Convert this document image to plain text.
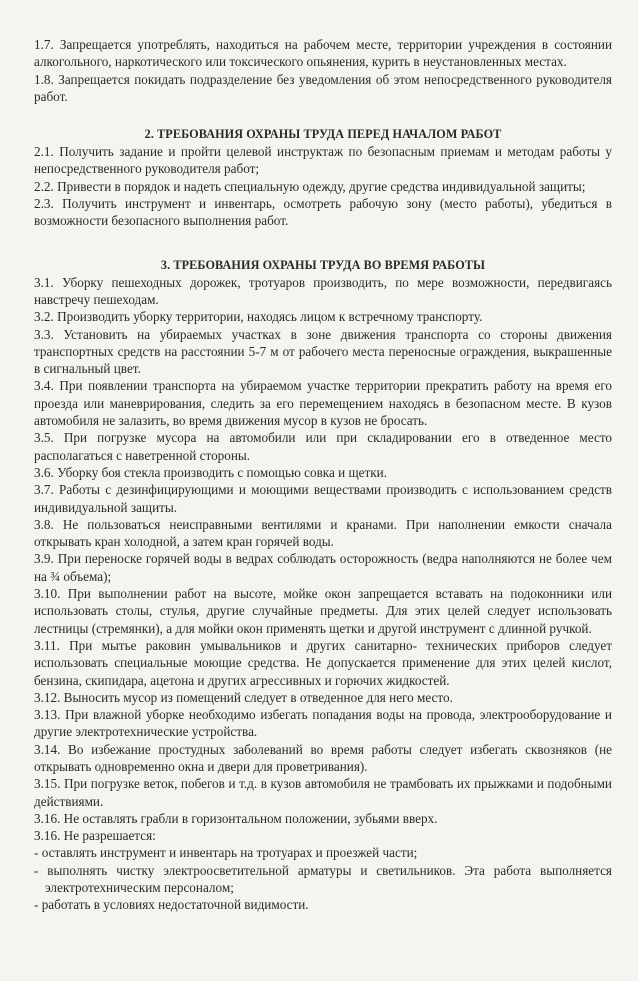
1.7. Запрещается употреблять, находиться на рабочем месте, территории учреждения в состоянии алкогольного, наркотического или токсического опьянения, курить в неустановленных местах.

1.8. Запрещается покидать подразделение без уведомления об этом непосредственного руководителя работ.

2. ТРЕБОВАНИЯ ОХРАНЫ ТРУДА ПЕРЕД НАЧАЛОМ РАБОТ

2.1. Получить задание и пройти целевой инструктаж по безопасным приемам и методам работы у непосредственного руководителя работ;

2.2. Привести в порядок и надеть специальную одежду, другие средства индивидуальной защиты;

2.3. Получить инструмент и инвентарь, осмотреть рабочую зону (место работы), убедиться в возможности безопасного выполнения работ.

3. ТРЕБОВАНИЯ ОХРАНЫ ТРУДА ВО ВРЕМЯ РАБОТЫ

3.1. Уборку пешеходных дорожек, тротуаров производить, по мере возможности, передвигаясь навстречу пешеходам.

3.2. Производить уборку территории, находясь лицом к встречному транспорту.

3.3. Установить на убираемых участках в зоне движения транспорта со стороны движения транспортных средств на расстоянии 5-7 м от рабочего места переносные ограждения, выкрашенные в сигнальный цвет.

3.4. При появлении транспорта на убираемом участке территории прекратить работу на время его проезда или маневрирования, следить за его перемещением находясь в безопасном месте. В кузов автомобиля не залазить, во время движения мусор в кузов не бросать.

3.5. При погрузке мусора на автомобили или при складировании его в отведенное место располагаться с наветренной стороны.

3.6. Уборку боя стекла производить с помощью совка и щетки.

3.7. Работы с дезинфицирующими и моющими веществами производить с использованием средств индивидуальной защиты.

3.8. Не пользоваться неисправными вентилями и кранами. При наполнении емкости сначала открывать кран холодной, а затем кран горячей воды.

3.9. При переноске горячей воды в ведрах соблюдать осторожность (ведра наполняются не более чем на ¾ объема);

3.10. При выполнении работ на высоте, мойке окон запрещается вставать на подоконники или использовать столы, стулья, другие случайные предметы. Для этих целей следует использовать лестницы (стремянки), а для мойки окон применять щетки и другой инструмент с длинной ручкой.

3.11. При мытье раковин умывальников и других санитарно- технических приборов следует использовать специальные моющие средства. Не допускается применение для этих целей кислот, бензина, скипидара, ацетона и других агрессивных и горючих жидкостей.

3.12. Выносить мусор из помещений следует в отведенное для него место.

3.13. При влажной уборке необходимо избегать попадания воды на провода, электрооборудование и другие электротехнические устройства.

3.14. Во избежание простудных заболеваний во время работы следует избегать сквозняков (не открывать одновременно окна и двери для проветривания).

3.15. При погрузке веток, побегов и т.д. в кузов автомобиля не трамбовать их прыжками и подобными действиями.

3.16. Не оставлять грабли в горизонтальном положении, зубьями вверх.

3.16. Не разрешается:

- оставлять инструмент и инвентарь на тротуарах и проезжей части;

- выполнять чистку электроосветительной арматуры и светильников. Эта работа выполняется электротехническим персоналом;

- работать в условиях недостаточной видимости.
